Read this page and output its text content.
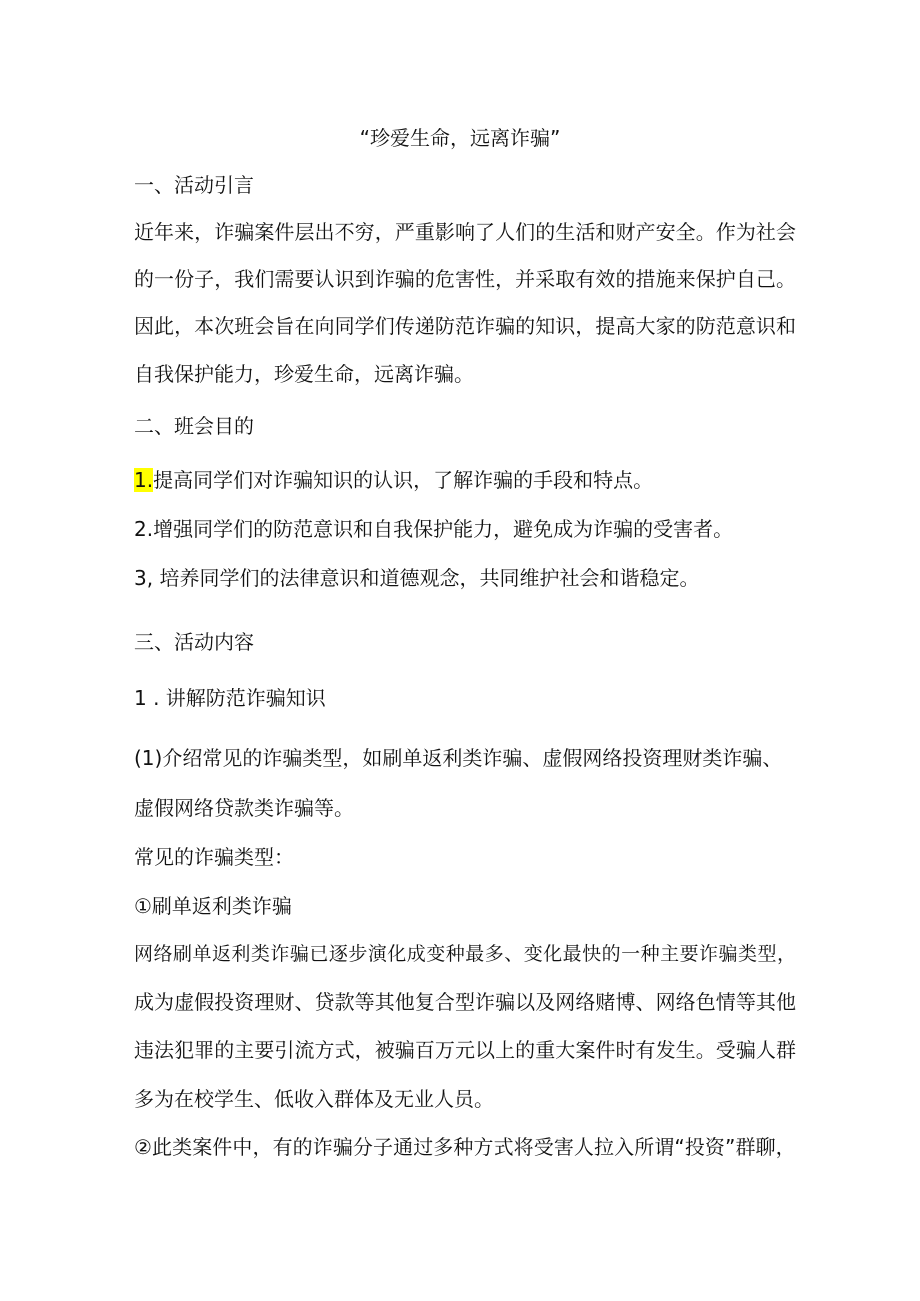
“珍爱生命，远离诈骗”
一、活动引言
近年来，诈骗案件层出不穷，严重影响了人们的生活和财产安全。作为社会
的一份子，我们需要认识到诈骗的危害性，并采取有效的措施来保护自己。
因此，本次班会旨在向同学们传递防范诈骗的知识，提高大家的防范意识和
自我保护能力，珍爱生命，远离诈骗。
二、班会目的
1.提高同学们对诈骗知识的认识，了解诈骗的手段和特点。
2.增强同学们的防范意识和自我保护能力，避免成为诈骗的受害者。
3, 培养同学们的法律意识和道德观念，共同维护社会和谐稳定。
三、活动内容
1 . 讲解防范诈骗知识
(1)介绍常见的诈骗类型，如刷单返利类诈骗、虚假网络投资理财类诈骗、
虚假网络贷款类诈骗等。
常见的诈骗类型：
①刷单返利类诈骗
网络刷单返利类诈骗已逐步演化成变种最多、变化最快的一种主要诈骗类型，
成为虚假投资理财、贷款等其他复合型诈骗以及网络赌博、网络色情等其他
违法犯罪的主要引流方式，被骗百万元以上的重大案件时有发生。受骗人群
多为在校学生、低收入群体及无业人员。
②此类案件中，有的诈骗分子通过多种方式将受害人拉入所谓“投资”群聊，
